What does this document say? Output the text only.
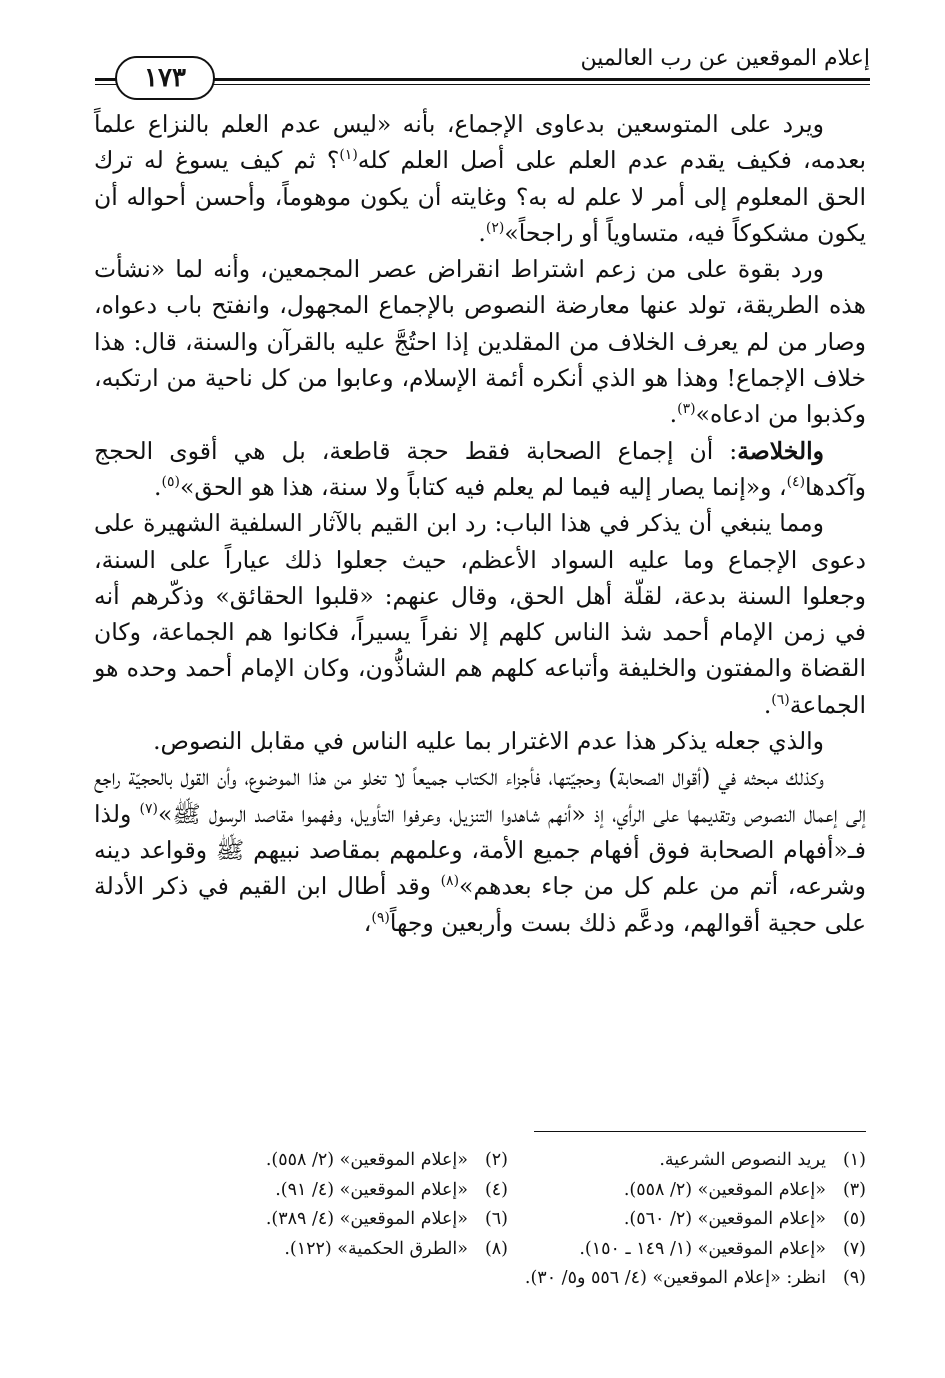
إعلام الموقعين عن رب العالمين
١٧٣

ويرد على المتوسعين بدعاوى الإجماع، بأنه «ليس عدم العلم بالنزاع علماً بعدمه، فكيف يقدم عدم العلم على أصل العلم كله$^{(١)}$؟ ثم كيف يسوغ له ترك الحق المعلوم إلى أمر لا علم له به؟ وغايته أن يكون موهوماً، وأحسن أحواله أن يكون مشكوكاً فيه، متساوياً أو راجحاً»$^{(٢)}$.

ورد بقوة على من زعم اشتراط انقراض عصر المجمعين، وأنه لما «نشأت هذه الطريقة، تولد عنها معارضة النصوص بالإجماع المجهول، وانفتح باب دعواه، وصار من لم يعرف الخلاف من المقلدين إذا احتُجَّ عليه بالقرآن والسنة، قال: هذا خلاف الإجماع! وهذا هو الذي أنكره أئمة الإسلام، وعابوا من كل ناحية من ارتكبه، وكذبوا من ادعاه»$^{(٣)}$.

والخلاصة: أن إجماع الصحابة فقط حجة قاطعة، بل هي أقوى الحجج وآكدها$^{(٤)}$، و«إنما يصار إليه فيما لم يعلم فيه كتاباً ولا سنة، هذا هو الحق»$^{(٥)}$.

ومما ينبغي أن يذكر في هذا الباب: رد ابن القيم بالآثار السلفية الشهيرة على دعوى الإجماع وما عليه السواد الأعظم، حيث جعلوا ذلك عياراً على السنة، وجعلوا السنة بدعة، لقلّة أهل الحق، وقال عنهم: «قلبوا الحقائق» وذكّرهم أنه في زمن الإمام أحمد شذ الناس كلهم إلا نفراً يسيراً، فكانوا هم الجماعة، وكان القضاة والمفتون والخليفة وأتباعه كلهم هم الشاذُّون، وكان الإمام أحمد وحده هو الجماعة$^{(٦)}$.

والذي جعله يذكر هذا عدم الاغترار بما عليه الناس في مقابل النصوص.

وكذلك مبحثه في (أقوال الصحابة) وحجيّتها، فأجزاء الكتاب جميعاً لا تخلو من هذا الموضوع، وأن القول بالحجيّة راجع إلى إعمال النصوص وتقديمها على الرأي، إذ «أنهم شاهدوا التنزيل، وعرفوا التأويل، وفهموا مقاصد الرسول ﷺ»$^{(٧)}$ ولذا فـ«أفهام الصحابة فوق أفهام جميع الأمة، وعلمهم بمقاصد نبيهم ﷺ وقواعد دينه وشرعه، أتم من علم كل من جاء بعدهم»$^{(٨)}$ وقد أطال ابن القيم في ذكر الأدلة على حجية أقوالهم، ودعَّم ذلك بست وأربعين وجهاً$^{(٩)}$،

(١)
يريد النصوص الشرعية.
(٢)
«إعلام الموقعين» (٢/ ٥٥٨).
(٣)
«إعلام الموقعين» (٢/ ٥٥٨).
(٤)
«إعلام الموقعين» (٤/ ٩١).
(٥)
«إعلام الموقعين» (٢/ ٥٦٠).
(٦)
«إعلام الموقعين» (٤/ ٣٨٩).
(٧)
«إعلام الموقعين» (١/ ١٤٩ ـ ١٥٠).
(٨)
«الطرق الحكمية» (١٢٢).
(٩)
انظر: «إعلام الموقعين» (٤/ ٥٥٦ و٥/ ٣٠).
